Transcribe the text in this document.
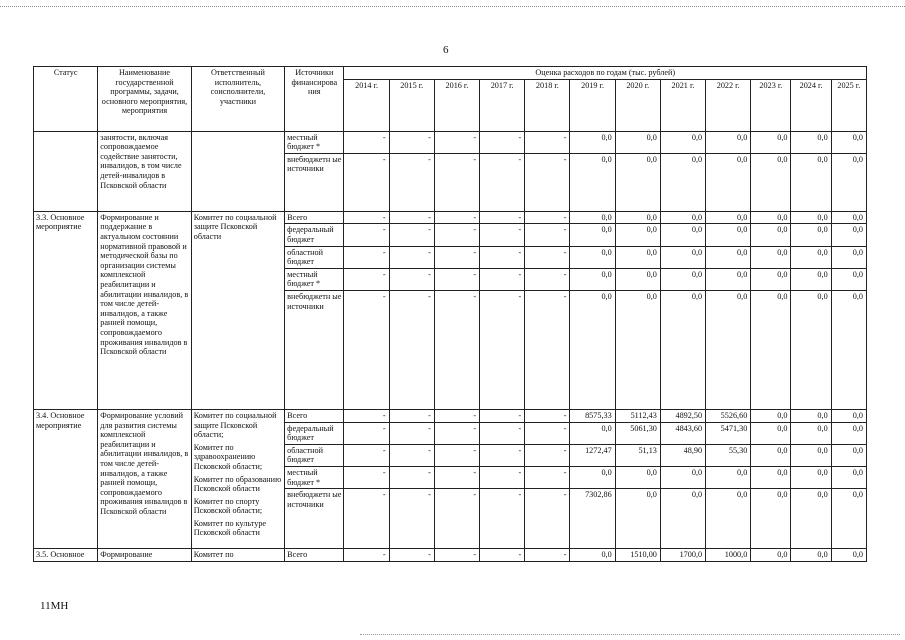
6
Статус	Наименование государственной программы, задачи, основного мероприятия, мероприятия	Ответственный исполнитель, соисполнители, участники	Источники финансирова ния	Оценка расходов по годам (тыс. рублей)											
				2014 г.	2015 г.	2016 г.	2017 г.	2018 г.	2019 г.	2020 г.	2021 г.	2022 г.	2023 г.	2024 г.	2025 г.
	занятости, включая сопровождаемое содействие занятости, инвалидов, в том числе детей-инвалидов в Псковской области		местный бюджет *	-	-	-	-	-	0,0	0,0	0,0	0,0	0,0	0,0	0,0
			внебюджетн ые источники	-	-	-	-	-	0,0	0,0	0,0	0,0	0,0	0,0	0,0
3.3. Основное мероприятие	Формирование и поддержание в актуальном состоянии нормативной правовой и методической базы по организации системы комплексной реабилитации и абилитации инвалидов, в том числе детей-инвалидов, а также ранней помощи, сопровождаемого проживания инвалидов в Псковской области	Комитет по социальной защите Псковской области	Всего	-	-	-	-	-	0,0	0,0	0,0	0,0	0,0	0,0	0,0
			федеральный бюджет	-	-	-	-	-	0,0	0,0	0,0	0,0	0,0	0,0	0,0
			областной бюджет	-	-	-	-	-	0,0	0,0	0,0	0,0	0,0	0,0	0,0
			местный бюджет *	-	-	-	-	-	0,0	0,0	0,0	0,0	0,0	0,0	0,0
			внебюджетн ые источники	-	-	-	-	-	0,0	0,0	0,0	0,0	0,0	0,0	0,0
3.4. Основное мероприятие	Формирование условий для развития системы комплексной реабилитации и абилитации инвалидов, в том числе детей-инвалидов, а также ранней помощи, сопровождаемого проживания инвалидов в Псковской области	Комитет по социальной защите Псковской области;
Комитет по здравоохранению Псковской области;
Комитет по образованию Псковской области
Комитет по спорту Псковской области;
Комитет по культуре Псковской области	Всего	-	-	-	-	-	8575,33	5112,43	4892,50	5526,60	0,0	0,0	0,0
			федеральный бюджет	-	-	-	-	-	0,0	5061,30	4843,60	5471,30	0,0	0,0	0,0
			областной бюджет	-	-	-	-	-	1272,47	51,13	48,90	55,30	0,0	0,0	0,0
			местный бюджет *	-	-	-	-	-	0,0	0,0	0,0	0,0	0,0	0,0	0,0
			внебюджетн ые источники	-	-	-	-	-	7302,86	0,0	0,0	0,0	0,0	0,0	0,0
3.5. Основное	Формирование	Комитет по	Всего	-	-	-	-	-	0,0	1510,00	1700,0	1000,0	0,0	0,0	0,0
11МН
